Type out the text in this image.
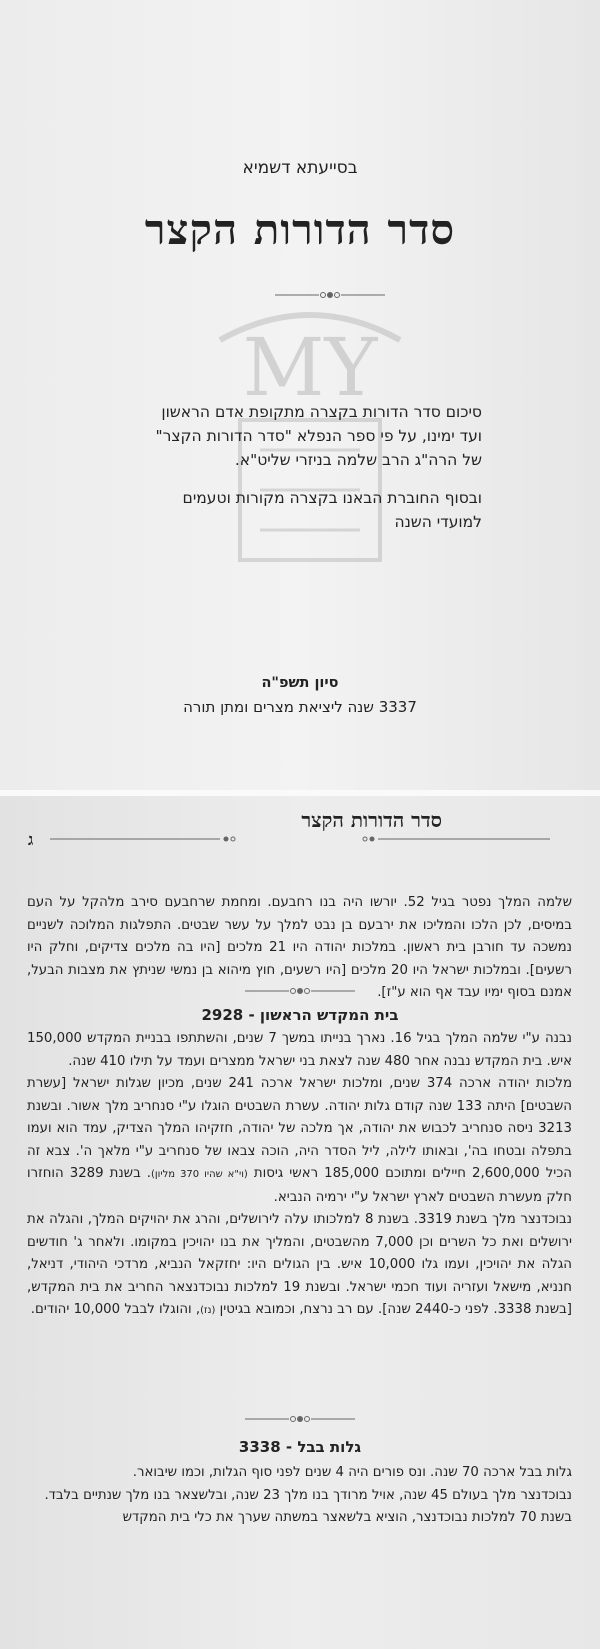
MY
בסייעתא דשמיא
סדר הדורות הקצר

סיכום סדר הדורות בקצרה מתקופת אדם הראשון

ועד ימינו, על פי ספר הנפלא "סדר הדורות הקצר"

של הרה"ג הרב שלמה בניזרי שליט"א.

ובסוף החוברת הבאנו בקצרה מקורות וטעמים

למועדי השנה

סיון תשפ"ה
3337 שנה ליציאת מצרים ומתן תורה
סדר הדורות הקצר
ג

שלמה המלך נפטר בגיל 52. יורשו היה בנו רחבעם. ומחמת שרחבעם סירב מלהקל על העם במיסים, לכן הלכו והמליכו את ירבעם בן נבט למלך על עשר שבטים. התפלגות המלוכה לשניים נמשכה עד חורבן בית ראשון. במלכות יהודה היו 21 מלכים [היו בה מלכים צדיקים, וחלק היו רשעים]. ובמלכות ישראל היו 20 מלכים [היו רשעים, חוץ מיהוא בן נמשי שניתץ את מצבות הבעל, אמנם בסוף ימיו עבד אף הוא ע"ז].

בית המקדש הראשון - 2928

נבנה ע"י שלמה המלך בגיל 16. נארך בנייתו במשך 7 שנים, והשתתפו בבניית המקדש 150,000 איש. בית המקדש נבנה אחר 480 שנה לצאת בני ישראל ממצרים ועמד על תילו 410 שנה.

מלכות יהודה ארכה 374 שנים, ומלכות ישראל ארכה 241 שנים, מכיון שגלות ישראל [עשרת השבטים] היתה 133 שנה קודם גלות יהודה. עשרת השבטים הוגלו ע"י סנחריב מלך אשור. ובשנת 3213 ניסה סנחריב לכבוש את יהודה, אך מלכה של יהודה, חזקיהו המלך הצדיק, עמד הוא ועמו בתפלה ובטחו בה', ובאותו לילה, ליל הסדר היה, הוכה צבאו של סנחריב ע"י מלאך ה'. צבא זה הכיל 2,600,000 חיילים ומתוכם 185,000 ראשי גיסות (וי"א שהיו 370 מליון). בשנת 3289 הוחזרו חלק מעשרת השבטים לארץ ישראל ע"י ירמיה הנביא.

נבוכדנצר מלך בשנת 3319. בשנת 8 למלכותו עלה לירושלים, והרג את יהויקים המלך, והגלה את ירושלים ואת כל השרים וכן 7,000 מהשבטים, והמליך את בנו יהויכין במקומו. ולאחר ג' חודשים הגלה את יהויכין, ועמו גלו 10,000 איש. בין הגולים היו: יחזקאל הנביא, מרדכי היהודי, דניאל, חנניא, מישאל ועזריה ועוד חכמי ישראל. ובשנת 19 למלכות נבוכדנצאר החריב את בית המקדש, [בשנת 3338. לפני כ-2440 שנה]. עם רב נרצח, וכמובא בגיטין (נז), והוגלו לבבל 10,000 יהודים.

גלות בבל - 3338

גלות בבל ארכה 70 שנה. ונס פורים היה 4 שנים לפני סוף הגלות, וכמו שיבואר.

נבוכדנצר מלך בעולם 45 שנה, אויל מרודך בנו מלך 23 שנה, ובלשצאר בנו מלך שנתיים בלבד.

בשנת 70 למלכות נבוכדנצר, הוציא בלשאצר במשתה שערך את כלי בית המקדש
